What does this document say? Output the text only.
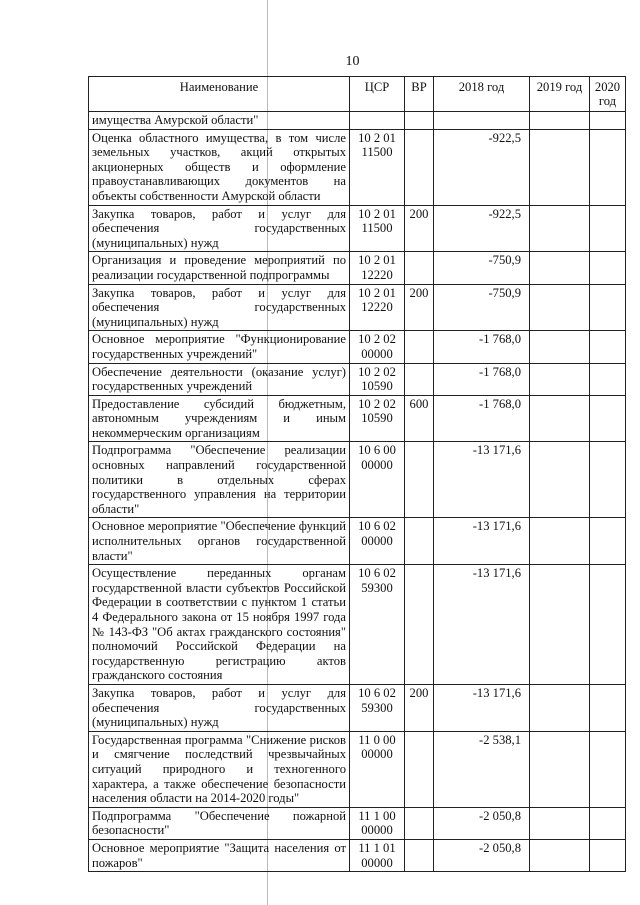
10
Наименование	ЦСР	ВР	2018 год	2019 год	2020 год
имущества Амурской области"					
Оценка областного имущества, в том числе земельных участков, акций открытых акционерных обществ и оформление правоустанавливающих документов на объекты собственности Амурской области	10 2 01 11500		-922,5		
Закупка товаров, работ и услуг для обеспечения государственных (муниципальных) нужд	10 2 01 11500	200	-922,5		
Организация и проведение мероприятий по реализации государственной подпрограммы	10 2 01 12220		-750,9		
Закупка товаров, работ и услуг для обеспечения государственных (муниципальных) нужд	10 2 01 12220	200	-750,9		
Основное мероприятие "Функционирование государственных учреждений"	10 2 02 00000		-1 768,0		
Обеспечение деятельности (оказание услуг) государственных учреждений	10 2 02 10590		-1 768,0		
Предоставление субсидий бюджетным, автономным учреждениям и иным некоммерческим организациям	10 2 02 10590	600	-1 768,0		
Подпрограмма "Обеспечение реализации основных направлений государственной политики в отдельных сферах государственного управления на территории области"	10 6 00 00000		-13 171,6		
Основное мероприятие "Обеспечение функций исполнительных органов государственной власти"	10 6 02 00000		-13 171,6		
Осуществление переданных органам государственной власти субъектов Российской Федерации в соответствии с пунктом 1 статьи 4 Федерального закона от 15 ноября 1997 года № 143-ФЗ "Об актах гражданского состояния" полномочий Российской Федерации на государственную регистрацию актов гражданского состояния	10 6 02 59300		-13 171,6		
Закупка товаров, работ и услуг для обеспечения государственных (муниципальных) нужд	10 6 02 59300	200	-13 171,6		
Государственная программа "Снижение рисков и смягчение последствий чрезвычайных ситуаций природного и техногенного характера, а также обеспечение безопасности населения области на 2014-2020 годы"	11 0 00 00000		-2 538,1		
Подпрограмма "Обеспечение пожарной безопасности"	11 1 00 00000		-2 050,8		
Основное мероприятие "Защита населения от пожаров"	11 1 01 00000		-2 050,8		
